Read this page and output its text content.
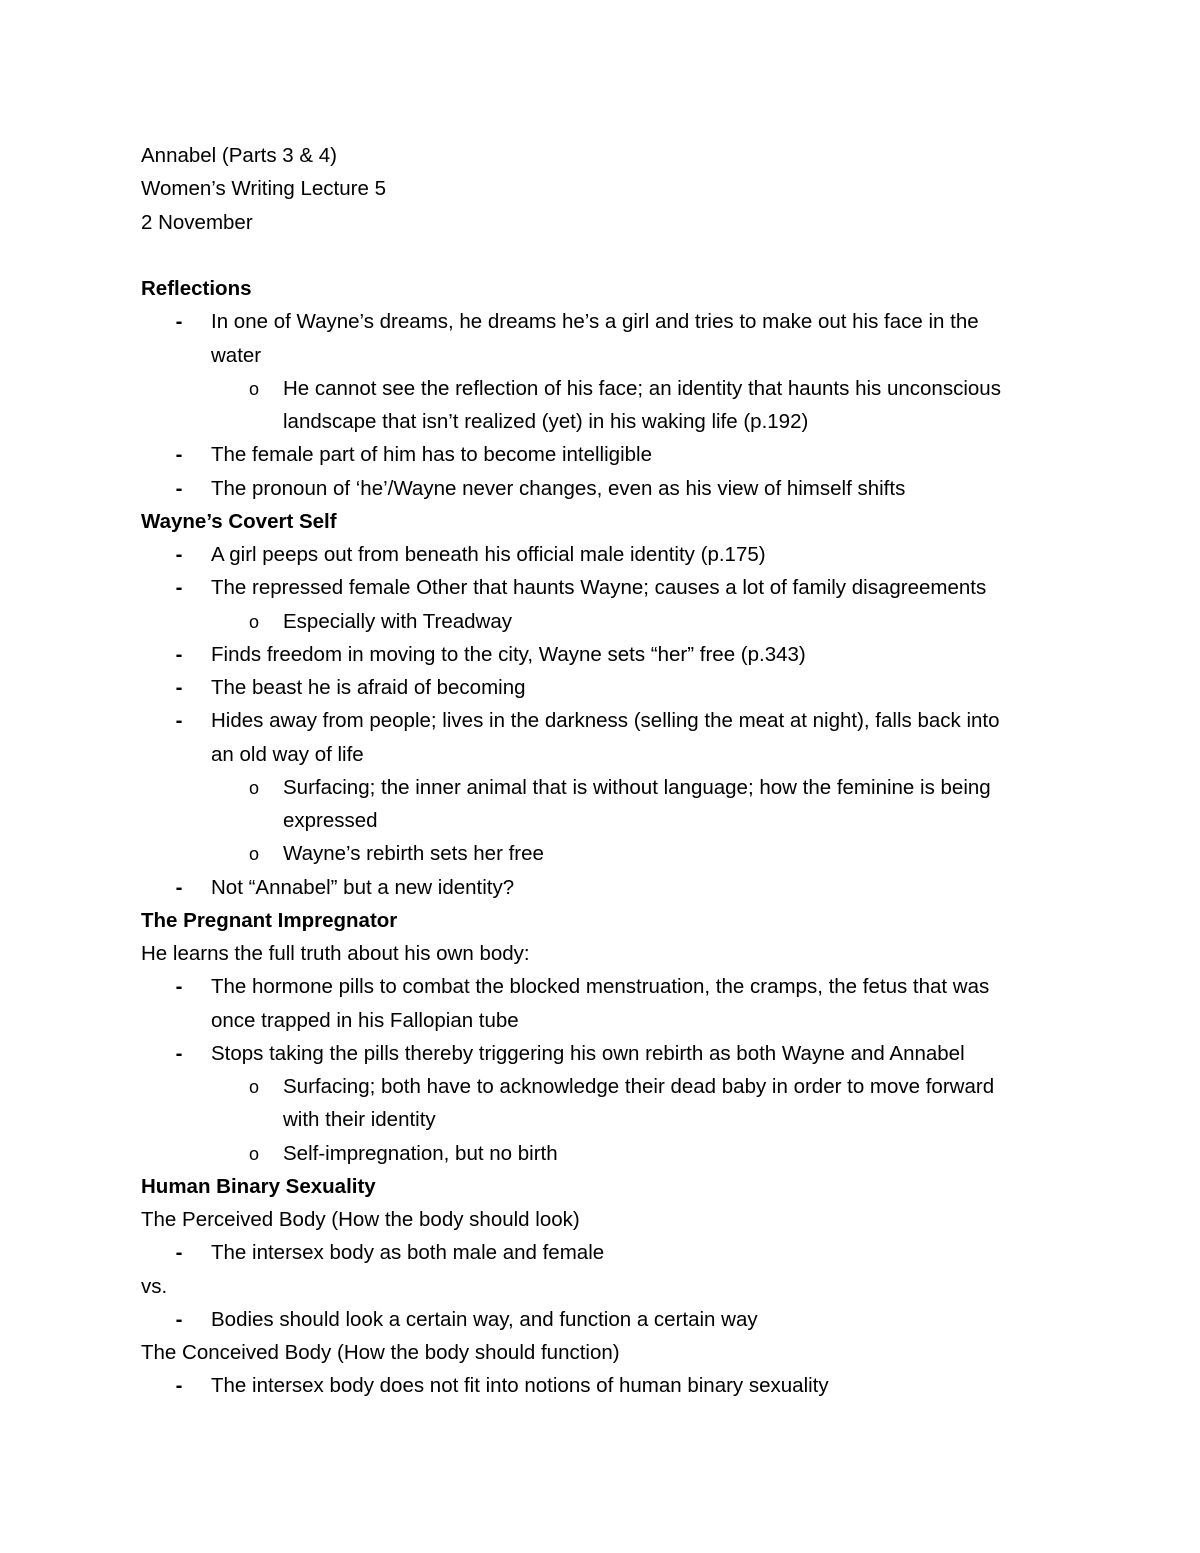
Annabel (Parts 3 & 4)
Women’s Writing Lecture 5
2 November
Reflections
- In one of Wayne’s dreams, he dreams he’s a girl and tries to make out his face in the
water
o He cannot see the reflection of his face; an identity that haunts his unconscious
landscape that isn’t realized (yet) in his waking life (p.192)
- The female part of him has to become intelligible
- The pronoun of ‘he’/Wayne never changes, even as his view of himself shifts
Wayne’s Covert Self
- A girl peeps out from beneath his official male identity (p.175)
- The repressed female Other that haunts Wayne; causes a lot of family disagreements
o Especially with Treadway
- Finds freedom in moving to the city, Wayne sets “her” free (p.343)
- The beast he is afraid of becoming
- Hides away from people; lives in the darkness (selling the meat at night), falls back into
an old way of life
o Surfacing; the inner animal that is without language; how the feminine is being
expressed
o Wayne’s rebirth sets her free
- Not “Annabel” but a new identity?
The Pregnant Impregnator
He learns the full truth about his own body:
- The hormone pills to combat the blocked menstruation, the cramps, the fetus that was
once trapped in his Fallopian tube
- Stops taking the pills thereby triggering his own rebirth as both Wayne and Annabel
o Surfacing; both have to acknowledge their dead baby in order to move forward
with their identity
o Self-impregnation, but no birth
Human Binary Sexuality
The Perceived Body (How the body should look)
- The intersex body as both male and female
vs.
- Bodies should look a certain way, and function a certain way
The Conceived Body (How the body should function)
- The intersex body does not fit into notions of human binary sexuality
